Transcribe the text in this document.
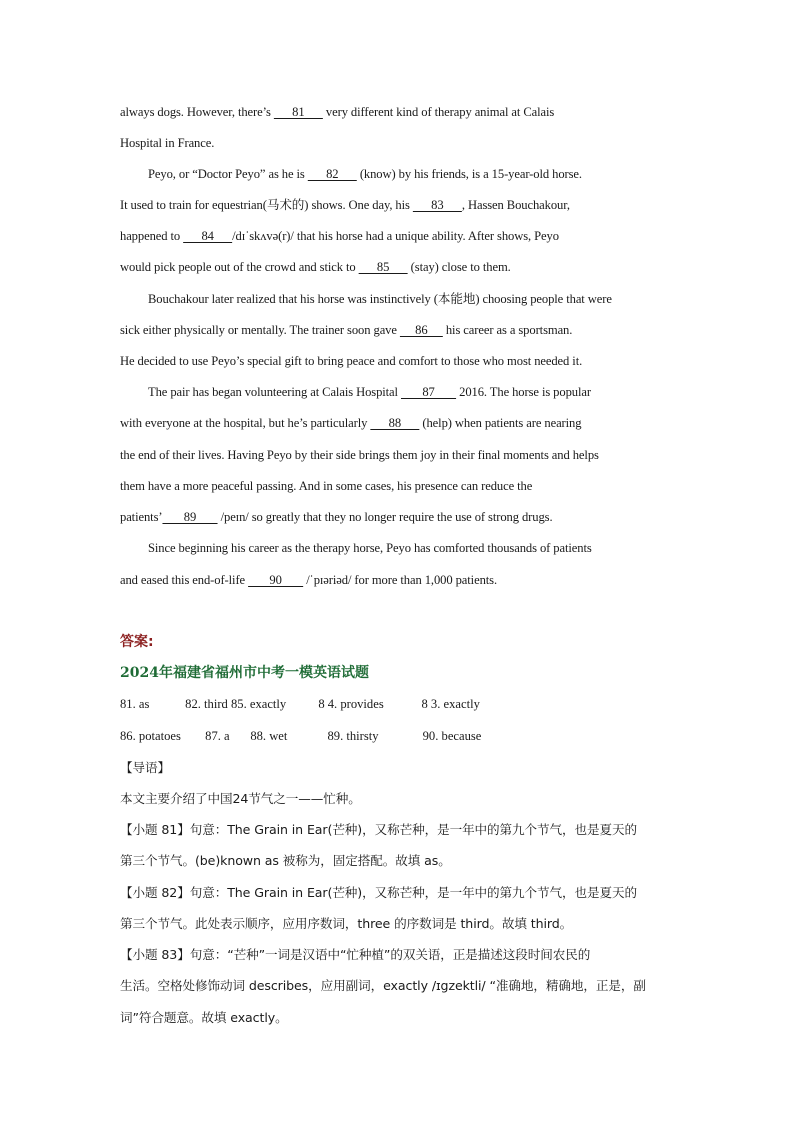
always dogs. However, there’s       81       very different kind of therapy animal at Calais
Hospital in France.
Peyo, or “Doctor Peyo” as he is       82       (know) by his friends, is a 15-year-old horse.
It used to train for equestrian(马术的) shows. One day, his       83      , Hassen Bouchakour,
happened to       84      /dɪˈskʌvə(r)/ that his horse had a unique ability. After shows, Peyo
would pick people out of the crowd and stick to       85       (stay) close to them.
Bouchakour later realized that his horse was instinctively (本能地) choosing people that were
sick either physically or mentally. The trainer soon gave      86      his career as a sportsman.
He decided to use Peyo’s special gift to bring peace and comfort to those who most needed it.
The pair has began volunteering at Calais Hospital        87        2016. The horse is popular
with everyone at the hospital, but he’s particularly       88       (help) when patients are nearing
the end of their lives. Having Peyo by their side brings them joy in their final moments and helps
them have a more peaceful passing. And in some cases, his presence can reduce the
patients’       89        /peɪn/ so greatly that they no longer require the use of strong drugs.
Since beginning his career as the therapy horse, Peyo has comforted thousands of patients
and eased this end-of-life        90        /ˈpɪəriəd/ for more than 1,000 patients.
答案:
2024年福建省福州市中考一模英语试题
81. as	82. third 85. exactly	8 4. provides	8 3. exactly
86. potatoes 87. a 88. wet	89. thirsty	90. because
【导语】
本文主要介绍了中国24节气之一——忙种。
【小题 81】句意：The Grain in Ear(芒种)，又称芒种，是一年中的第九个节气，也是夏天的
第三个节气。(be)known as 被称为，固定搭配。故填 as。
【小题 82】句意：The Grain in Ear(芒种)，又称芒种，是一年中的第九个节气，也是夏天的
第三个节气。此处表示顺序，应用序数词，three 的序数词是 third。故填 third。
【小题 83】句意：“芒种”一词是汉语中“忙种植”的双关语，正是描述这段时间农民的
生活。空格处修饰动词 describes，应用副词，exactly /ɪgzektli/ “准确地，精确地，正是，副
词”符合题意。故填 exactly。
